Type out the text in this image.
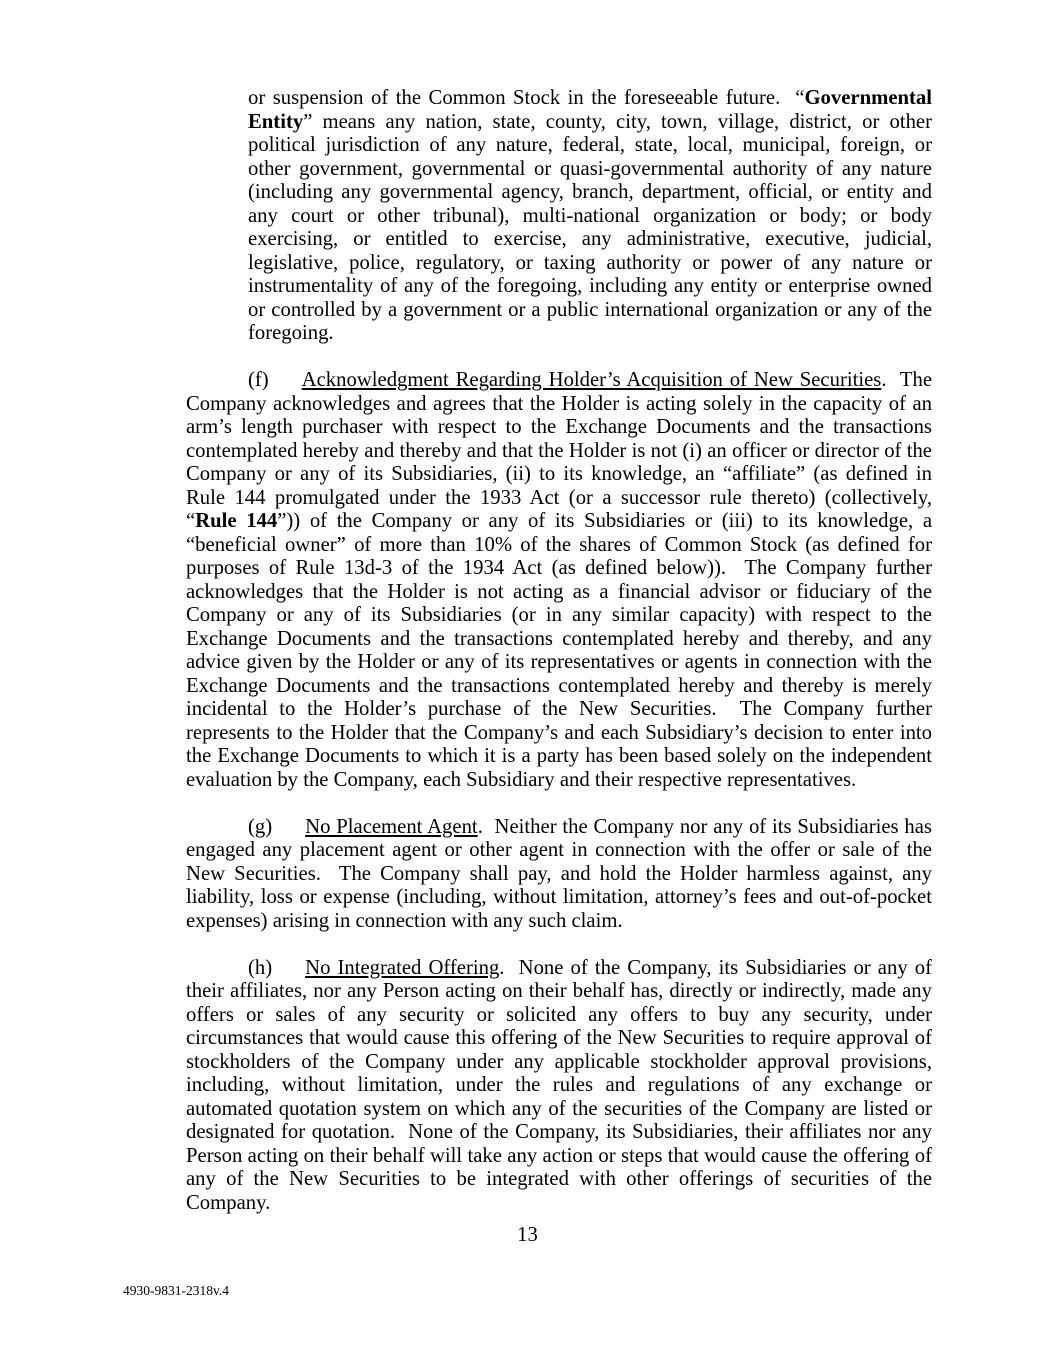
or suspension of the Common Stock in the foreseeable future.  “Governmental Entity” means any nation, state, county, city, town, village, district, or other political jurisdiction of any nature, federal, state, local, municipal, foreign, or other government, governmental or quasi-governmental authority of any nature (including any governmental agency, branch, department, official, or entity and any court or other tribunal), multi-national organization or body; or body exercising, or entitled to exercise, any administrative, executive, judicial, legislative, police, regulatory, or taxing authority or power of any nature or instrumentality of any of the foregoing, including any entity or enterprise owned or controlled by a government or a public international organization or any of the foregoing.

(f) Acknowledgment Regarding Holder’s Acquisition of New Securities.  The Company acknowledges and agrees that the Holder is acting solely in the capacity of an arm’s length purchaser with respect to the Exchange Documents and the transactions contemplated hereby and thereby and that the Holder is not (i) an officer or director of the Company or any of its Subsidiaries, (ii) to its knowledge, an “affiliate” (as defined in Rule 144 promulgated under the 1933 Act (or a successor rule thereto) (collectively, “Rule 144”)) of the Company or any of its Subsidiaries or (iii) to its knowledge, a “beneficial owner” of more than 10% of the shares of Common Stock (as defined for purposes of Rule 13d-3 of the 1934 Act (as defined below)).  The Company further acknowledges that the Holder is not acting as a financial advisor or fiduciary of the Company or any of its Subsidiaries (or in any similar capacity) with respect to the Exchange Documents and the transactions contemplated hereby and thereby, and any advice given by the Holder or any of its representatives or agents in connection with the Exchange Documents and the transactions contemplated hereby and thereby is merely incidental to the Holder’s purchase of the New Securities.  The Company further represents to the Holder that the Company’s and each Subsidiary’s decision to enter into the Exchange Documents to which it is a party has been based solely on the independent evaluation by the Company, each Subsidiary and their respective representatives.

(g) No Placement Agent.  Neither the Company nor any of its Subsidiaries has engaged any placement agent or other agent in connection with the offer or sale of the New Securities.  The Company shall pay, and hold the Holder harmless against, any liability, loss or expense (including, without limitation, attorney’s fees and out-of-pocket expenses) arising in connection with any such claim.

(h) No Integrated Offering.  None of the Company, its Subsidiaries or any of their affiliates, nor any Person acting on their behalf has, directly or indirectly, made any offers or sales of any security or solicited any offers to buy any security, under circumstances that would cause this offering of the New Securities to require approval of stockholders of the Company under any applicable stockholder approval provisions, including, without limitation, under the rules and regulations of any exchange or automated quotation system on which any of the securities of the Company are listed or designated for quotation.  None of the Company, its Subsidiaries, their affiliates nor any Person acting on their behalf will take any action or steps that would cause the offering of any of the New Securities to be integrated with other offerings of securities of the Company.

13
4930-9831-2318v.4
